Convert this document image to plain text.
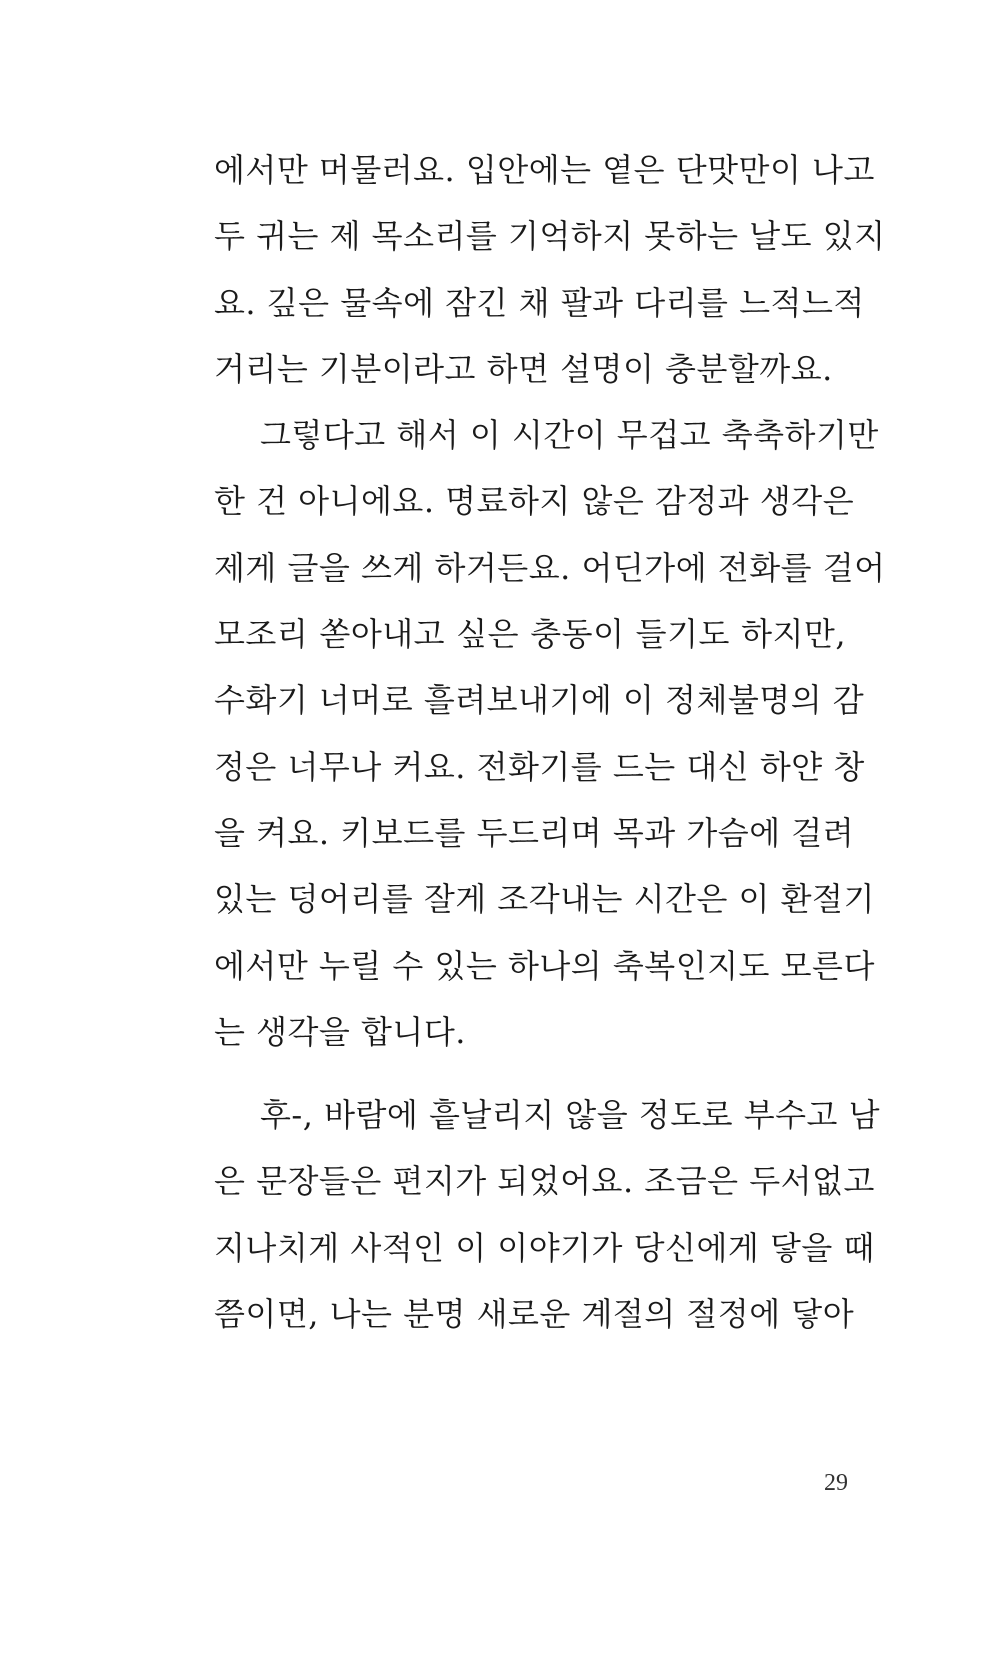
에서만 머물러요. 입안에는 옅은 단맛만이 나고
두 귀는 제 목소리를 기억하지 못하는 날도 있지
요. 깊은 물속에 잠긴 채 팔과 다리를 느적느적
거리는 기분이라고 하면 설명이 충분할까요.
그렇다고 해서 이 시간이 무겁고 축축하기만
한 건 아니에요. 명료하지 않은 감정과 생각은
제게 글을 쓰게 하거든요. 어딘가에 전화를 걸어
모조리 쏟아내고 싶은 충동이 들기도 하지만,
수화기 너머로 흘려보내기에 이 정체불명의 감
정은 너무나 커요. 전화기를 드는 대신 하얀 창
을 켜요. 키보드를 두드리며 목과 가슴에 걸려
있는 덩어리를 잘게 조각내는 시간은 이 환절기
에서만 누릴 수 있는 하나의 축복인지도 모른다
는 생각을 합니다.
후-, 바람에 흩날리지 않을 정도로 부수고 남
은 문장들은 편지가 되었어요. 조금은 두서없고
지나치게 사적인 이 이야기가 당신에게 닿을 때
쯤이면, 나는 분명 새로운 계절의 절정에 닿아
29
